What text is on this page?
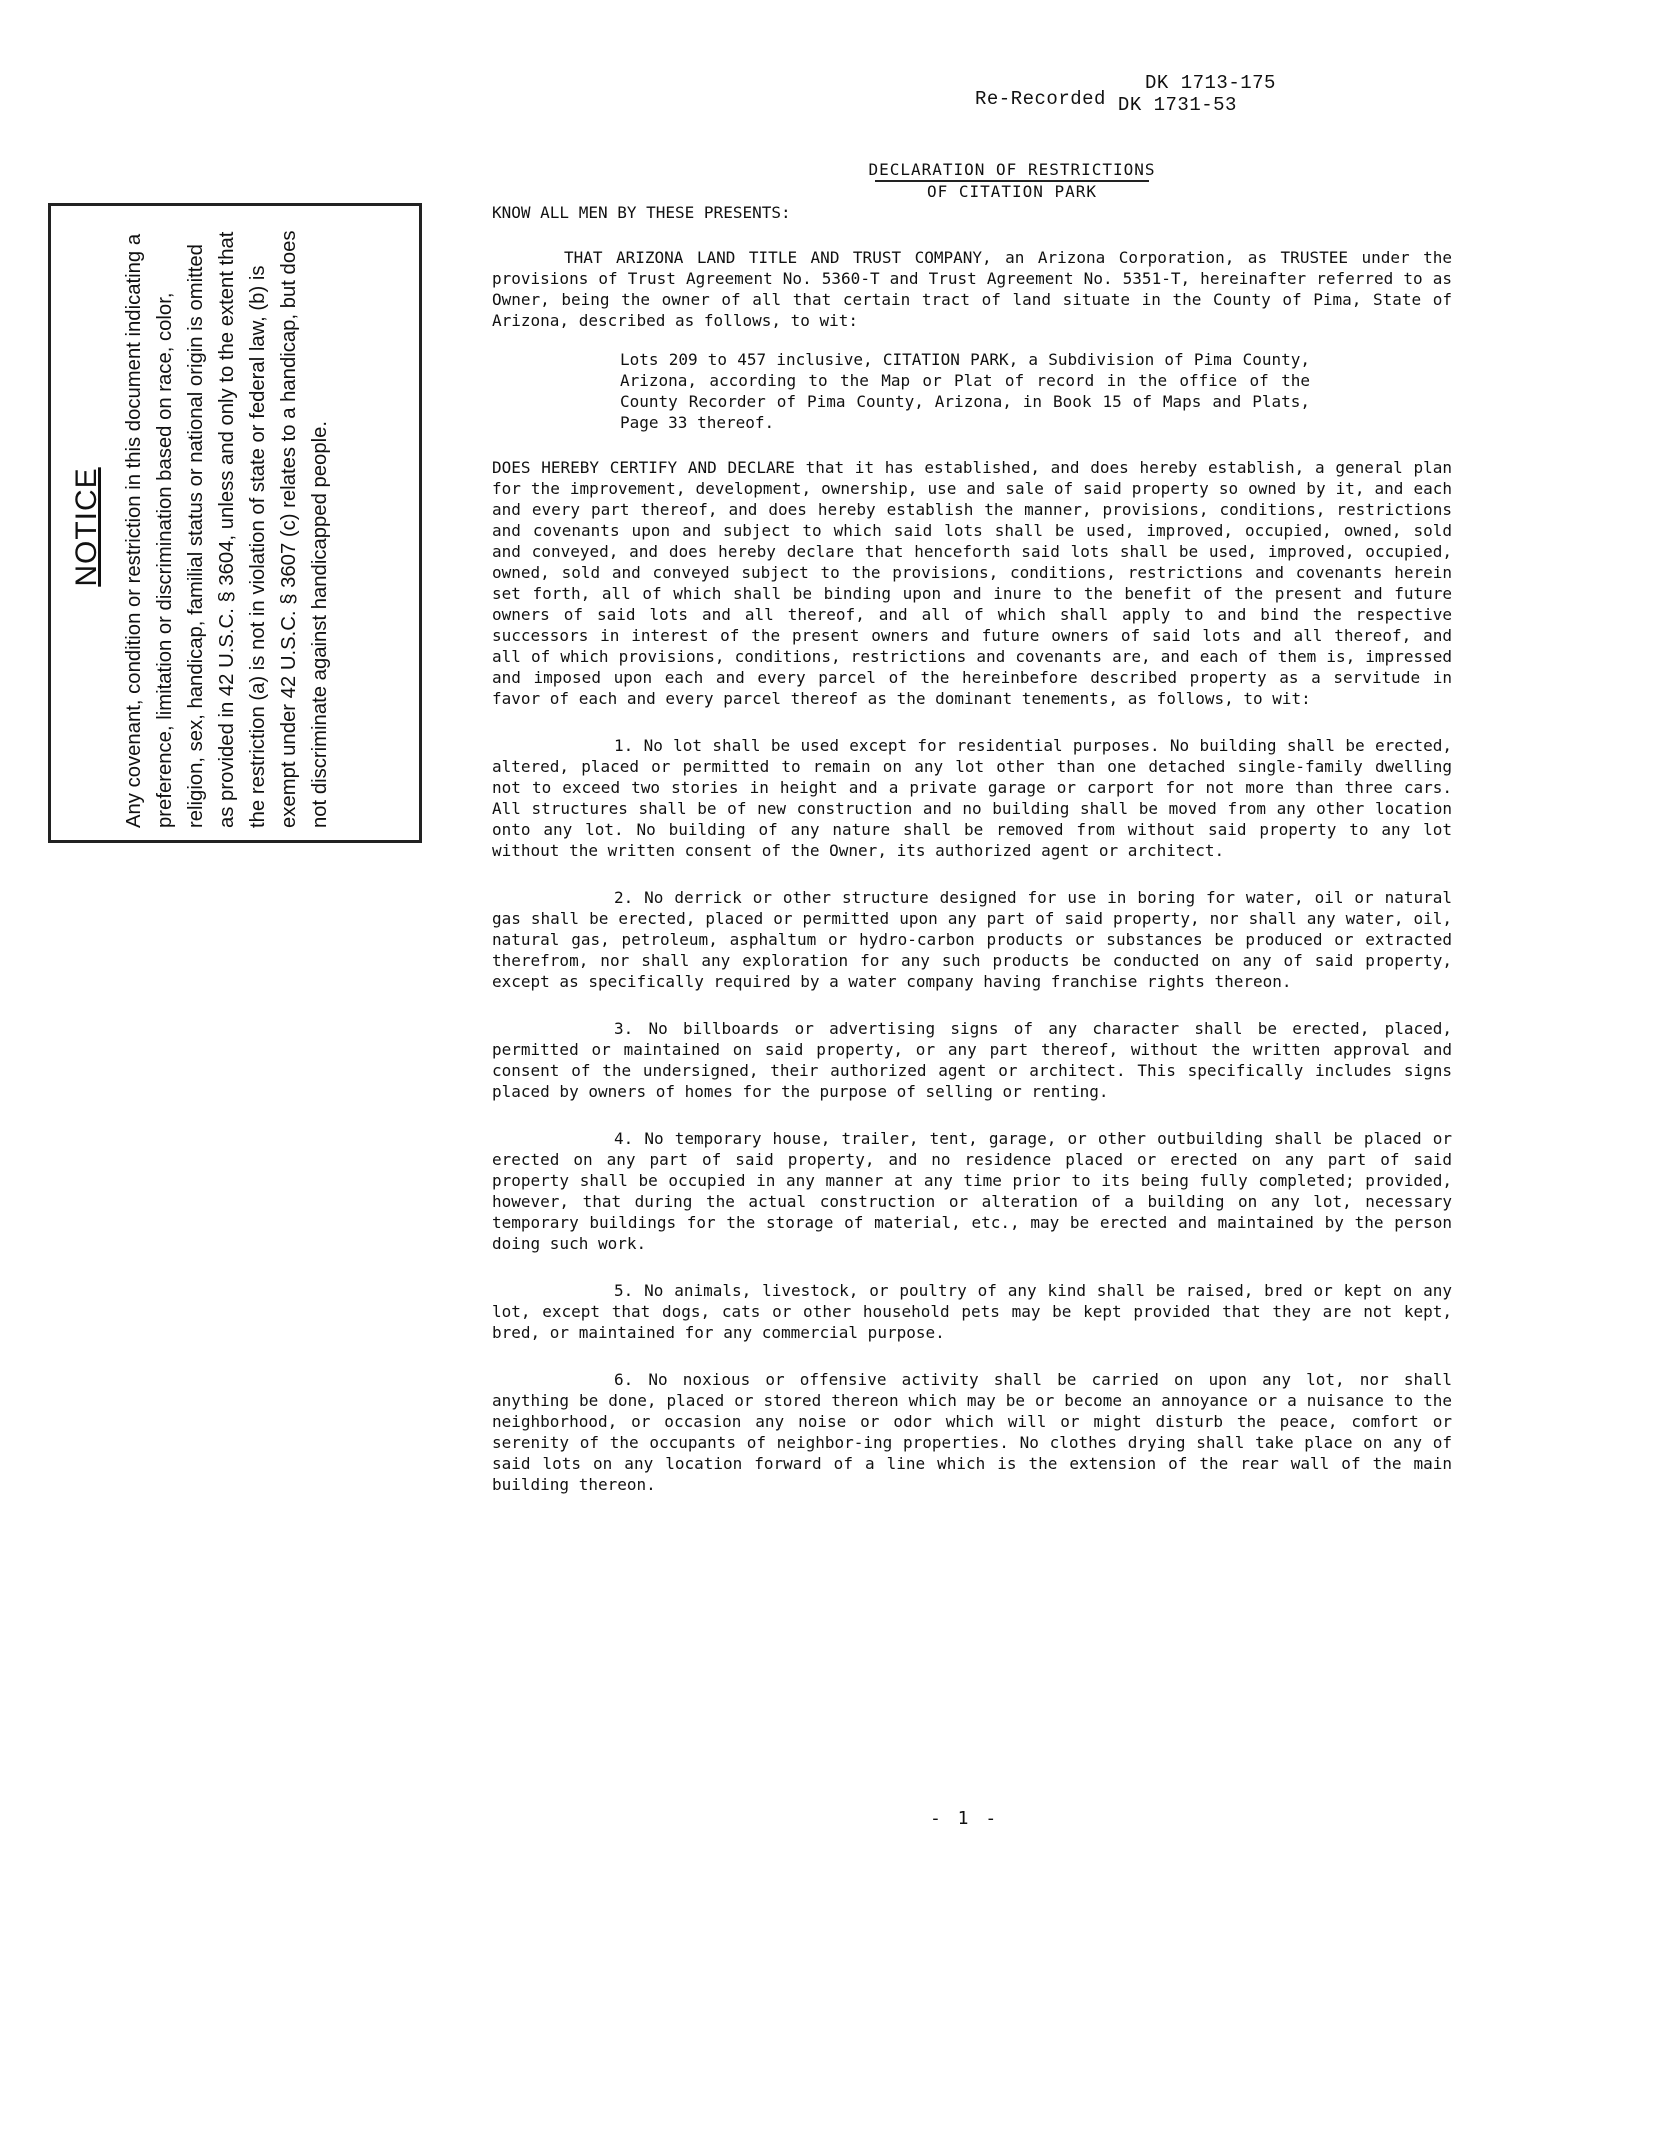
DK 1713-175
Re-Recorded DK 1731-53
NOTICE Any covenant, condition or restriction in this document indicating a preference, limitation or discrimination based on race, color, religion, sex, handicap, familial status or national origin is omitted as provided in 42 U.S.C. § 3604, unless and only to the extent that the restriction (a) is not in violation of state or federal law, (b) is exempt under 42 U.S.C. § 3607 (c) relates to a handicap, but does not discriminate against handicapped people.
DECLARATION OF RESTRICTIONS
OF CITATION PARK

KNOW ALL MEN BY THESE PRESENTS:

THAT ARIZONA LAND TITLE AND TRUST COMPANY, an Arizona Corporation, as TRUSTEE under the provisions of Trust Agreement No. 5360-T and Trust Agreement No. 5351-T, hereinafter referred to as Owner, being the owner of all that certain tract of land situate in the County of Pima, State of Arizona, described as follows, to wit:

Lots 209 to 457 inclusive, CITATION PARK, a Subdivision of Pima County, Arizona, according to the Map or Plat of record in the office of the County Recorder of Pima County, Arizona, in Book 15 of Maps and Plats, Page 33 thereof.

DOES HEREBY CERTIFY AND DECLARE that it has established, and does hereby establish, a general plan for the improvement, development, ownership, use and sale of said property so owned by it, and each and every part thereof, and does hereby establish the manner, provisions, conditions, restrictions and covenants upon and subject to which said lots shall be used, improved, occupied, owned, sold and conveyed, and does hereby declare that henceforth said lots shall be used, improved, occupied, owned, sold and conveyed subject to the provisions, conditions, restrictions and covenants herein set forth, all of which shall be binding upon and inure to the benefit of the present and future owners of said lots and all thereof, and all of which shall apply to and bind the respective successors in interest of the present owners and future owners of said lots and all thereof, and all of which provisions, conditions, restrictions and covenants are, and each of them is, impressed and imposed upon each and every parcel of the hereinbefore described property as a servitude in favor of each and every parcel thereof as the dominant tenements, as follows, to wit:

1. No lot shall be used except for residential purposes. No building shall be erected, altered, placed or permitted to remain on any lot other than one detached single-family dwelling not to exceed two stories in height and a private garage or carport for not more than three cars. All structures shall be of new construction and no building shall be moved from any other location onto any lot. No building of any nature shall be removed from without said property to any lot without the written consent of the Owner, its authorized agent or architect.

2. No derrick or other structure designed for use in boring for water, oil or natural gas shall be erected, placed or permitted upon any part of said property, nor shall any water, oil, natural gas, petroleum, asphaltum or hydro-carbon products or substances be produced or extracted therefrom, nor shall any exploration for any such products be conducted on any of said property, except as specifically required by a water company having franchise rights thereon.

3. No billboards or advertising signs of any character shall be erected, placed, permitted or maintained on said property, or any part thereof, without the written approval and consent of the undersigned, their authorized agent or architect. This specifically includes signs placed by owners of homes for the purpose of selling or renting.

4. No temporary house, trailer, tent, garage, or other outbuilding shall be placed or erected on any part of said property, and no residence placed or erected on any part of said property shall be occupied in any manner at any time prior to its being fully completed; provided, however, that during the actual construction or alteration of a building on any lot, necessary temporary buildings for the storage of material, etc., may be erected and maintained by the person doing such work.

5. No animals, livestock, or poultry of any kind shall be raised, bred or kept on any lot, except that dogs, cats or other household pets may be kept provided that they are not kept, bred, or maintained for any commercial purpose.

6. No noxious or offensive activity shall be carried on upon any lot, nor shall anything be done, placed or stored thereon which may be or become an annoyance or a nuisance to the neighborhood, or occasion any noise or odor which will or might disturb the peace, comfort or serenity of the occupants of neighbor-ing properties. No clothes drying shall take place on any of said lots on any location forward of a line which is the extension of the rear wall of the main building thereon.

- 1 -
